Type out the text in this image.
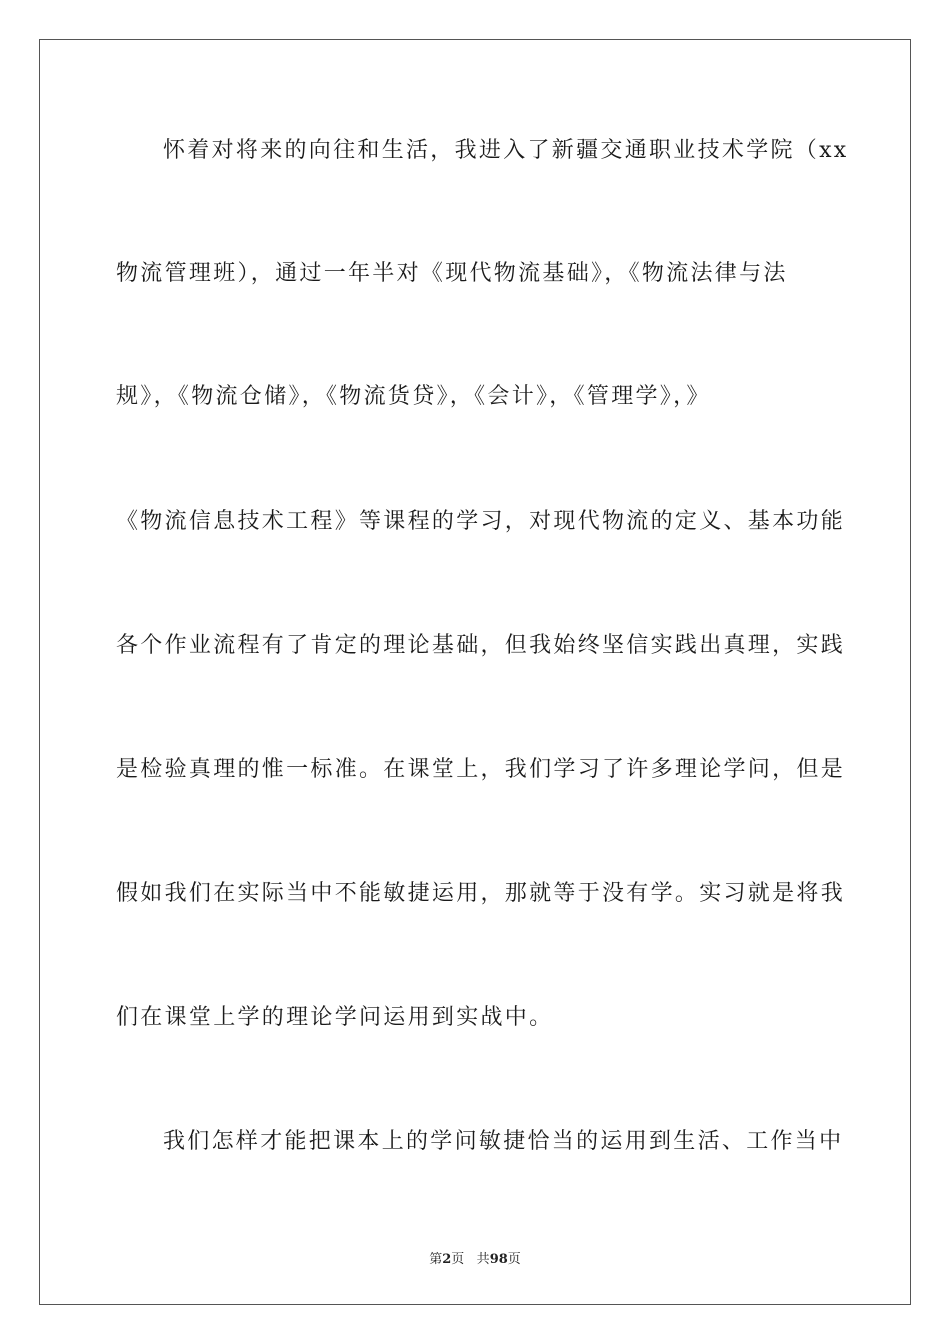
怀着对将来的向往和生活，我进入了新疆交通职业技术学院（xx
物流管理班），通过一年半对《现代物流基础》，《物流法律与法
规》，《物流仓储》，《物流货贷》，《会计》，《管理学》，》
《物流信息技术工程》等课程的学习，对现代物流的定义、基本功能
各个作业流程有了肯定的理论基础，但我始终坚信实践出真理，实践
是检验真理的惟一标准。在课堂上，我们学习了许多理论学问，但是
假如我们在实际当中不能敏捷运用，那就等于没有学。实习就是将我
们在课堂上学的理论学问运用到实战中。
我们怎样才能把课本上的学问敏捷恰当的运用到生活、工作当中
第2页 共98页
